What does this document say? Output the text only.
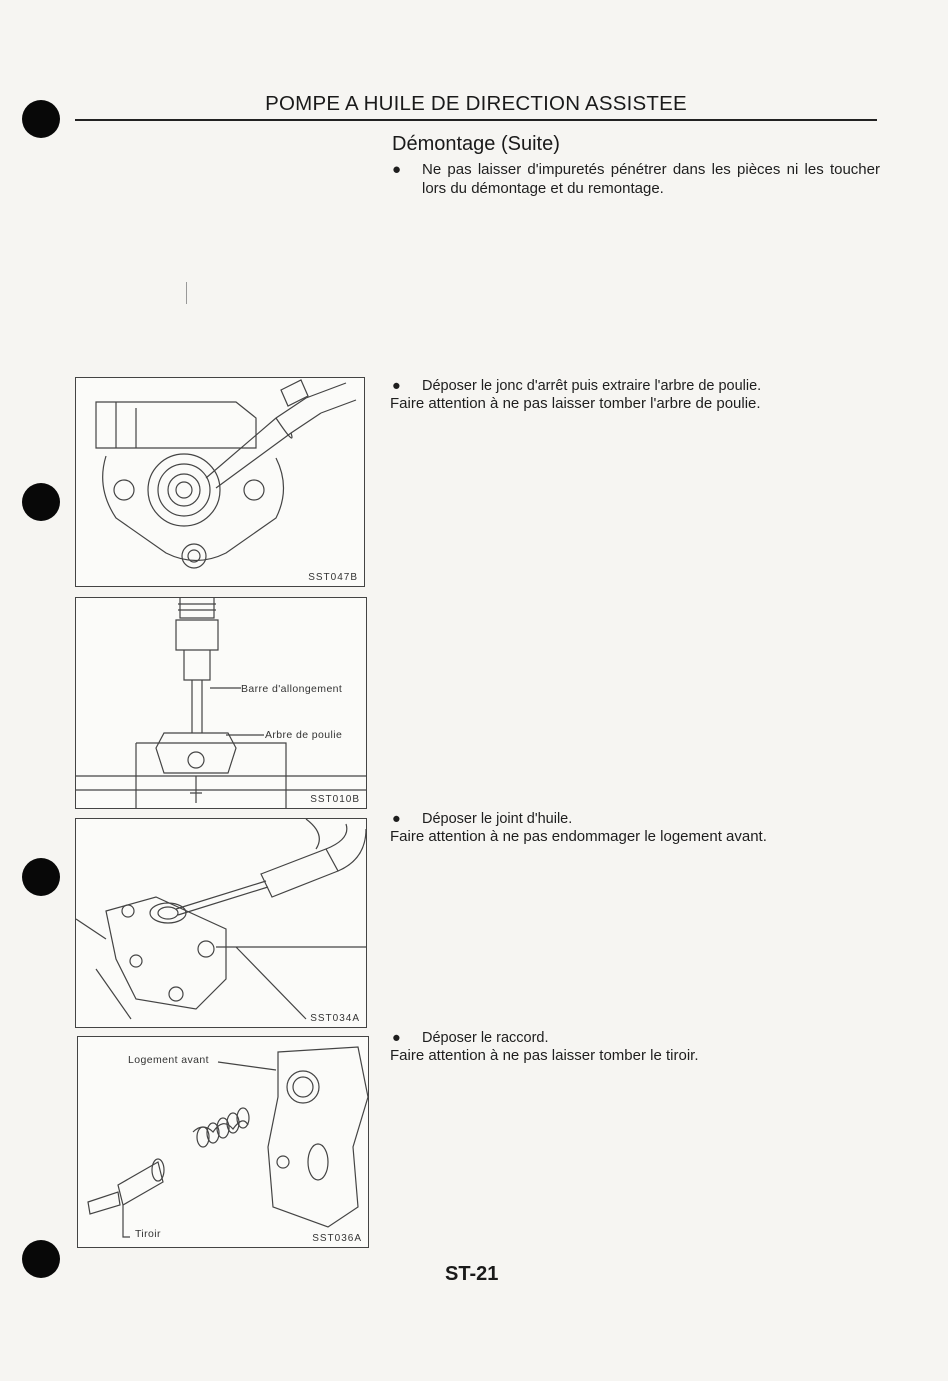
POMPE A HUILE DE DIRECTION ASSISTEE
Démontage (Suite)
● Ne pas laisser d'impuretés pénétrer dans les pièces ni les toucher lors du démontage et du remontage.
● Déposer le jonc d'arrêt puis extraire l'arbre de poulie.
Faire attention à ne pas laisser tomber l'arbre de poulie.
● Déposer le joint d'huile.
Faire attention à ne pas endommager le logement avant.
● Déposer le raccord.
Faire attention à ne pas laisser tomber le tiroir.
SST047B
Barre d'allongement
Arbre de poulie
SST010B
SST034A
Logement avant
Tiroir	SST036A
ST-21
